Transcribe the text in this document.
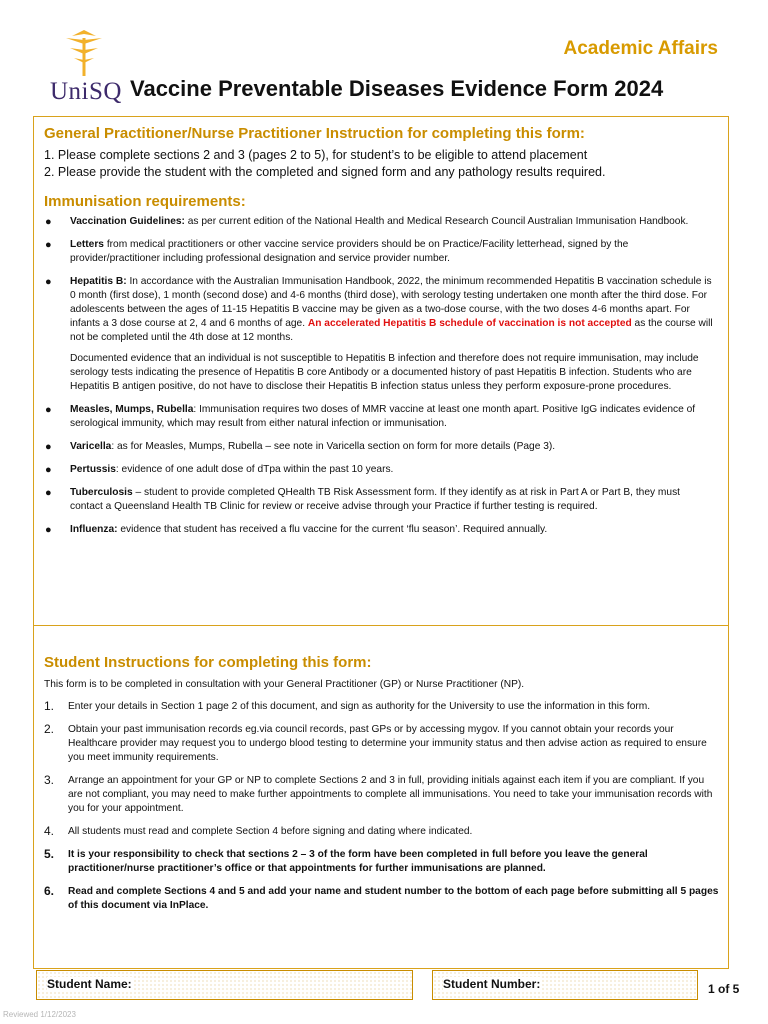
UniSQ
Academic Affairs
Vaccine Preventable Diseases Evidence Form 2024
General Practitioner/Nurse Practitioner Instruction for completing this form:
1. Please complete sections 2 and 3 (pages 2 to 5), for student’s to be eligible to attend placement
2. Please provide the student with the completed and signed form and any pathology results required.
Immunisation requirements:
● Vaccination Guidelines: as per current edition of the National Health and Medical Research Council Australian Immunisation Handbook.
● Letters from medical practitioners or other vaccine service providers should be on Practice/Facility letterhead, signed by the provider/practitioner including professional designation and service provider number.
● Hepatitis B: In accordance with the Australian Immunisation Handbook, 2022, the minimum recommended Hepatitis B vaccination schedule is 0 month (first dose), 1 month (second dose) and 4-6 months (third dose), with serology testing undertaken one month after the third dose. For adolescents between the ages of 11-15 Hepatitis B vaccine may be given as a two-dose course, with the two doses 4-6 months apart. For infants a 3 dose course at 2, 4 and 6 months of age. An accelerated Hepatitis B schedule of vaccination is not accepted as the course will not be completed until the 4th dose at 12 months.
Documented evidence that an individual is not susceptible to Hepatitis B infection and therefore does not require immunisation, may include serology tests indicating the presence of Hepatitis B core Antibody or a documented history of past Hepatitis B infection. Students who are Hepatitis B antigen positive, do not have to disclose their Hepatitis B infection status unless they perform exposure-prone procedures.
● Measles, Mumps, Rubella: Immunisation requires two doses of MMR vaccine at least one month apart. Positive IgG indicates evidence of serological immunity, which may result from either natural infection or immunisation.
● Varicella: as for Measles, Mumps, Rubella – see note in Varicella section on form for more details (Page 3).
● Pertussis: evidence of one adult dose of dTpa within the past 10 years.
● Tuberculosis – student to provide completed QHealth TB Risk Assessment form. If they identify as at risk in Part A or Part B, they must contact a Queensland Health TB Clinic for review or receive advise through your Practice if further testing is required.
● Influenza: evidence that student has received a flu vaccine for the current ‘flu season’. Required annually.
Student Instructions for completing this form:
This form is to be completed in consultation with your General Practitioner (GP) or Nurse Practitioner (NP).
1. Enter your details in Section 1 page 2 of this document, and sign as authority for the University to use the information in this form.
2. Obtain your past immunisation records eg.via council records, past GPs or by accessing mygov. If you cannot obtain your records your Healthcare provider may request you to undergo blood testing to determine your immunity status and then advise action as required to ensure you meet immunity requirements.
3. Arrange an appointment for your GP or NP to complete Sections 2 and 3 in full, providing initials against each item if you are compliant. If you are not compliant, you may need to make further appointments to complete all immunisations. You need to take your immunisation records with you for your appointment.
4. All students must read and complete Section 4 before signing and dating where indicated.
5. It is your responsibility to check that sections 2 – 3 of the form have been completed in full before you leave the general practitioner/nurse practitioner’s office or that appointments for further immunisations are planned.
6. Read and complete Sections 4 and 5 and add your name and student number to the bottom of each page before submitting all 5 pages of this document via InPlace.
Student Name:	Student Number:	1 of 5
Reviewed 1/12/2023
